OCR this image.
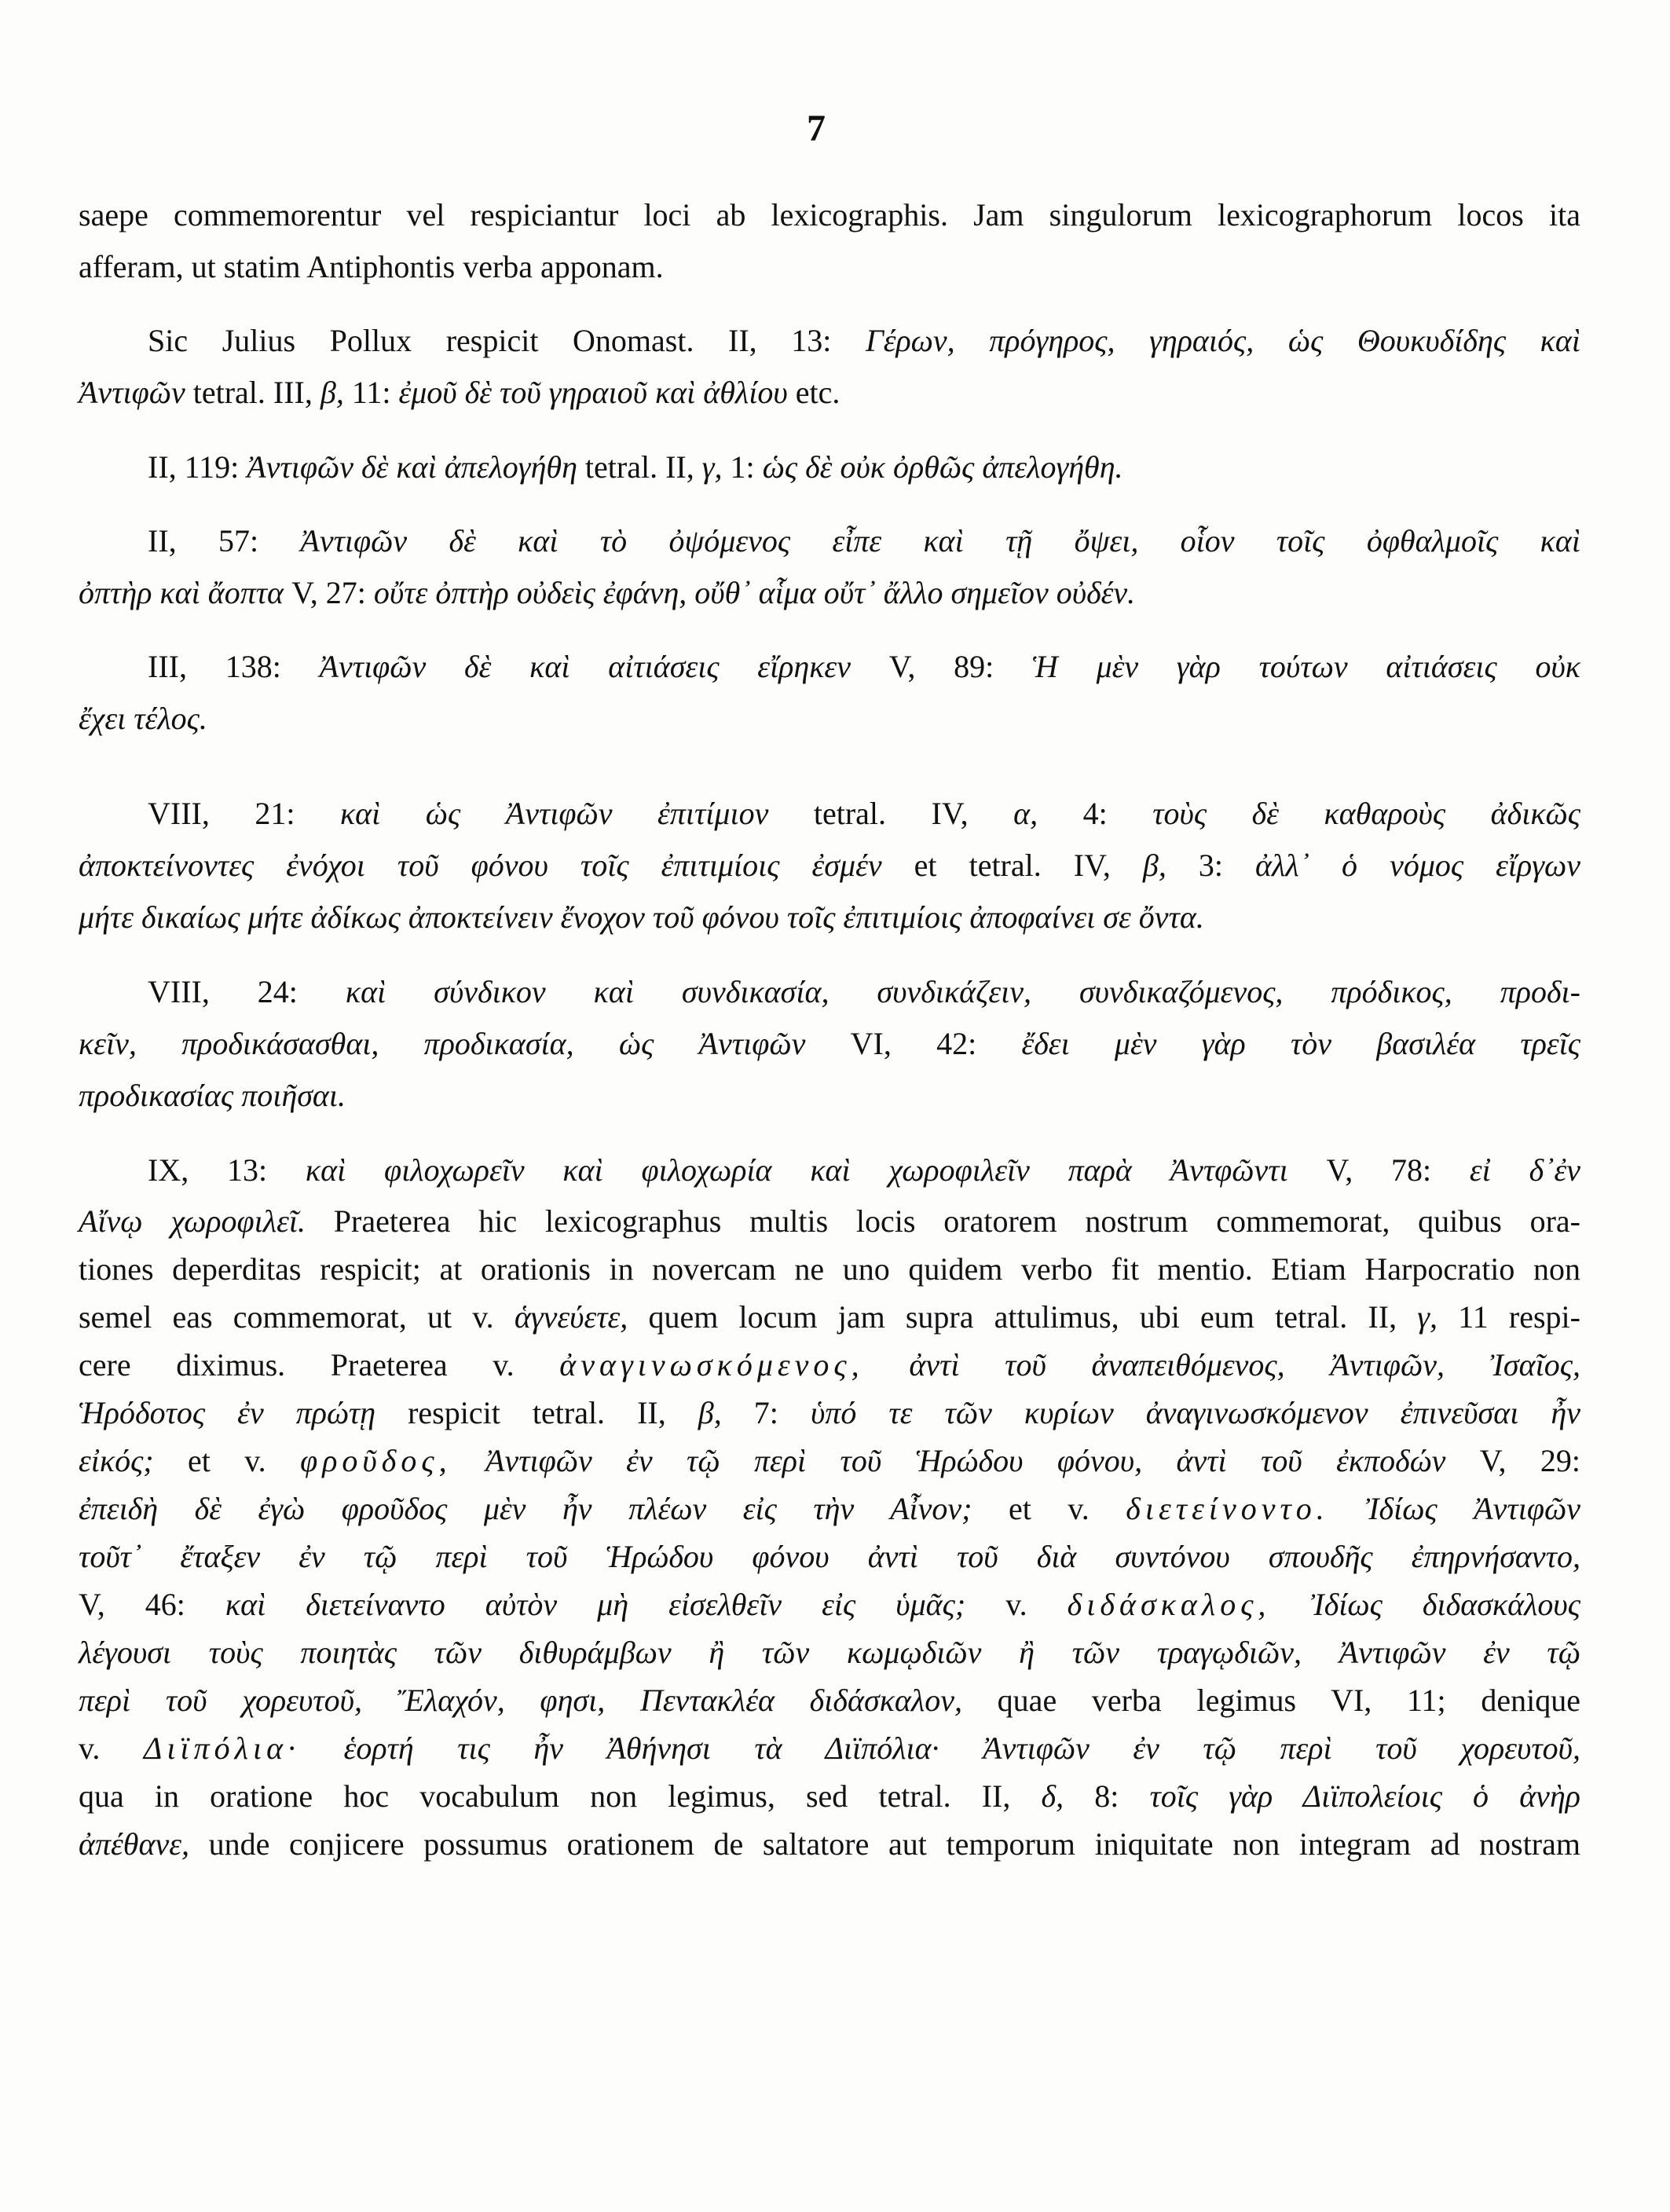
7
saepe commemorentur vel respiciantur loci ab lexicographis. Jam singulorum lexicographorum locos ita
afferam, ut statim Antiphontis verba apponam.
Sic Julius Pollux respicit Onomast. II, 13: Γέρων, πρόγηρος, γηραιός, ὡς Θουκυδίδης καὶ
Ἀντιφῶν tetral. III, β, 11: ἐμοῦ δὲ τοῦ γηραιοῦ καὶ ἀθλίου etc.
II, 119: Ἀντιφῶν δὲ καὶ ἀπελογήθη tetral. II, γ, 1: ὡς δὲ οὐκ ὀρθῶς ἀπελογήθη.
II, 57: Ἀντιφῶν δὲ καὶ τὸ ὀψόμενος εἶπε καὶ τῇ ὄψει, οἷον τοῖς ὀφθαλμοῖς καὶ
ὀπτὴρ καὶ ἄοπτα V, 27: οὔτε ὀπτὴρ οὐδεὶς ἐφάνη, οὔθ᾽ αἷμα οὔτ᾽ ἄλλο σημεῖον οὐδέν.
III, 138: Ἀντιφῶν δὲ καὶ αἰτιάσεις εἴρηκεν V, 89: Ἡ μὲν γὰρ τούτων αἰτιάσεις οὐκ
ἔχει τέλος.
VIII, 21: καὶ ὡς Ἀντιφῶν ἐπιτίμιον tetral. IV, α, 4: τοὺς δὲ καθαροὺς ἀδικῶς
ἀποκτείνοντες ἐνόχοι τοῦ φόνου τοῖς ἐπιτιμίοις ἐσμέν et tetral. IV, β, 3: ἀλλ᾽ ὁ νόμος εἴργων
μήτε δικαίως μήτε ἀδίκως ἀποκτείνειν ἔνοχον τοῦ φόνου τοῖς ἐπιτιμίοις ἀποφαίνει σε ὄντα.
VIII, 24: καὶ σύνδικον καὶ συνδικασία, συνδικάζειν, συνδικαζόμενος, πρόδικος, προδι-
κεῖν, προδικάσασθαι, προδικασία, ὡς Ἀντιφῶν VI, 42: ἔδει μὲν γὰρ τὸν βασιλέα τρεῖς
προδικασίας ποιῆσαι.
IX, 13: καὶ φιλοχωρεῖν καὶ φιλοχωρία καὶ χωροφιλεῖν παρὰ Ἀντφῶντι V, 78: εἰ δ᾽ἐν
Αἴνῳ χωροφιλεῖ. Praeterea hic lexicographus multis locis oratorem nostrum commemorat, quibus ora-
tiones deperditas respicit; at orationis in novercam ne uno quidem verbo fit mentio. Etiam Harpocratio non
semel eas commemorat, ut v. ἁγνεύετε, quem locum jam supra attulimus, ubi eum tetral. II, γ, 11 respi-
cere diximus. Praeterea v. ἀναγινωσκόμενος, ἀντὶ τοῦ ἀναπειθόμενος, Ἀντιφῶν, Ἰσαῖος,
Ἡρόδοτος ἐν πρώτῃ respicit tetral. II, β, 7: ὑπό τε τῶν κυρίων ἀναγινωσκόμενον ἐπινεῦσαι ἦν
εἰκός; et v. φροῦδος, Ἀντιφῶν ἐν τῷ περὶ τοῦ Ἡρώδου φόνου, ἀντὶ τοῦ ἐκποδών V, 29:
ἐπειδὴ δὲ ἐγὼ φροῦδος μὲν ἦν πλέων εἰς τὴν Αἶνον; et v. διετείνοντο. Ἰδίως Ἀντιφῶν
τοῦτ᾽ ἔταξεν ἐν τῷ περὶ τοῦ Ἡρώδου φόνου ἀντὶ τοῦ διὰ συντόνου σπουδῆς ἐπηρνήσαντο,
V, 46: καὶ διετείναντο αὐτὸν μὴ εἰσελθεῖν εἰς ὑμᾶς; v. διδάσκαλος, Ἰδίως διδασκάλους
λέγουσι τοὺς ποιητὰς τῶν διθυράμβων ἢ τῶν κωμῳδιῶν ἢ τῶν τραγῳδιῶν, Ἀντιφῶν ἐν τῷ
περὶ τοῦ χορευτοῦ, Ἔλαχόν, φησι, Πεντακλέα διδάσκαλον, quae verba legimus VI, 11; denique
v. Διϊπόλια· ἑορτή τις ἦν Ἀθήνησι τὰ Διϊπόλια· Ἀντιφῶν ἐν τῷ περὶ τοῦ χορευτοῦ,
qua in oratione hoc vocabulum non legimus, sed tetral. II, δ, 8: τοῖς γὰρ Διϊπολείοις ὁ ἀνὴρ
ἀπέθανε, unde conjicere possumus orationem de saltatore aut temporum iniquitate non integram ad nostram
